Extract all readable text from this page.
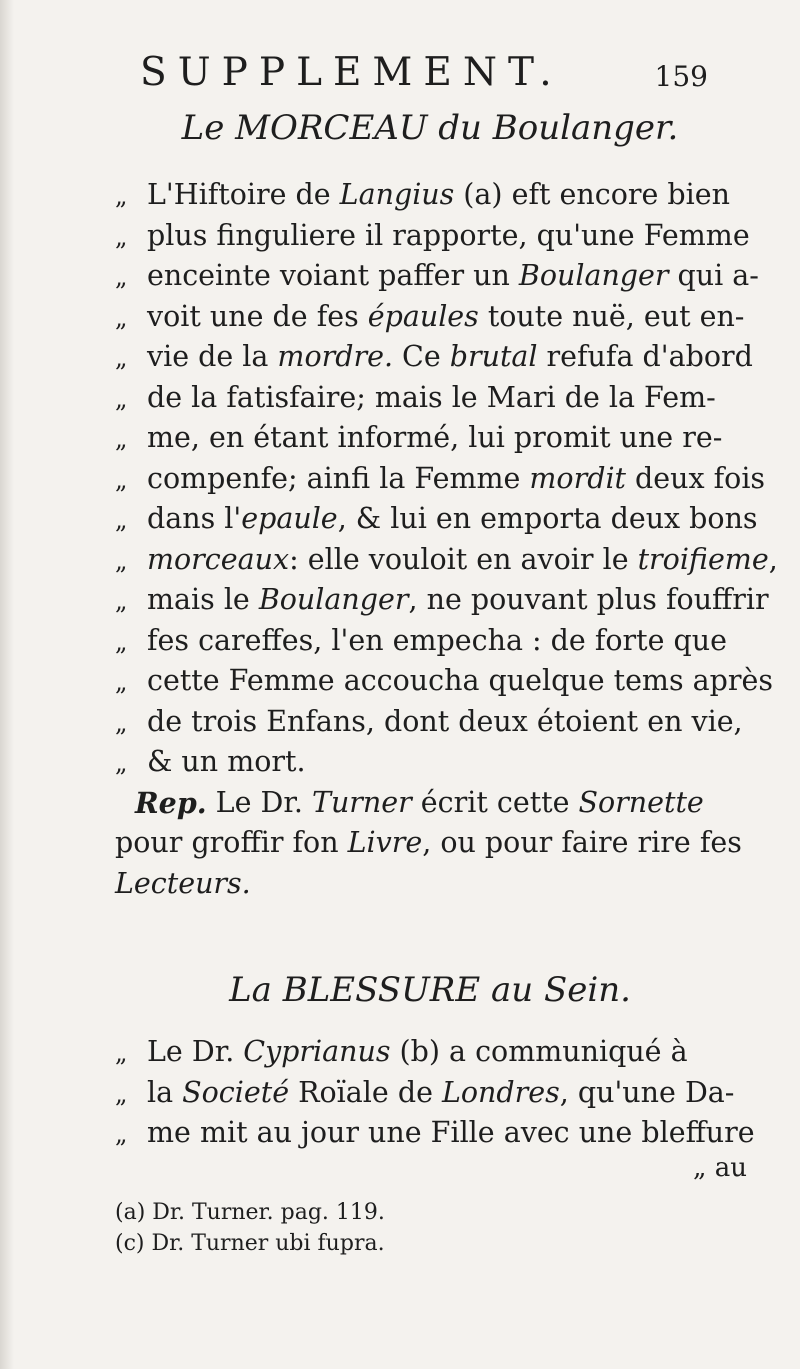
SUPPLEMENT.	159
Le MORCEAU du Boulanger.
„ L'Hiftoire de Langius (a) eft encore bien
„ plus finguliere il rapporte, qu'une Femme
„ enceinte voiant paffer un Boulanger qui a-
„ voit une de fes épaules toute nuë, eut en-
„ vie de la mordre. Ce brutal refufa d'abord
„ de la fatisfaire; mais le Mari de la Fem-
„ me, en étant informé, lui promit une re-
„ compenfe; ainfi la Femme mordit deux fois
„ dans l' epaule , & lui en emporta deux bons
„ morceaux : elle vouloit en avoir le troifieme ,
„ mais le Boulanger , ne pouvant plus fouffrir
„ fes careffes, l'en empecha : de forte que
„ cette Femme accoucha quelque tems après
„ de trois Enfans, dont deux étoient en vie,
„ & un mort.
Rep. Le Dr. Turner écrit cette Sornette
pour groffir fon Livre , ou pour faire rire fes
Lecteurs.
La BLESSURE au Sein.
„ Le Dr. Cyprianus (b) a communiqué à
„ la Societé Roïale de Londres , qu'une Da-
„ me mit au jour une Fille avec une bleffure
„ au
(a) Dr. Turner. pag. 119.
(c) Dr. Turner ubi fupra.
